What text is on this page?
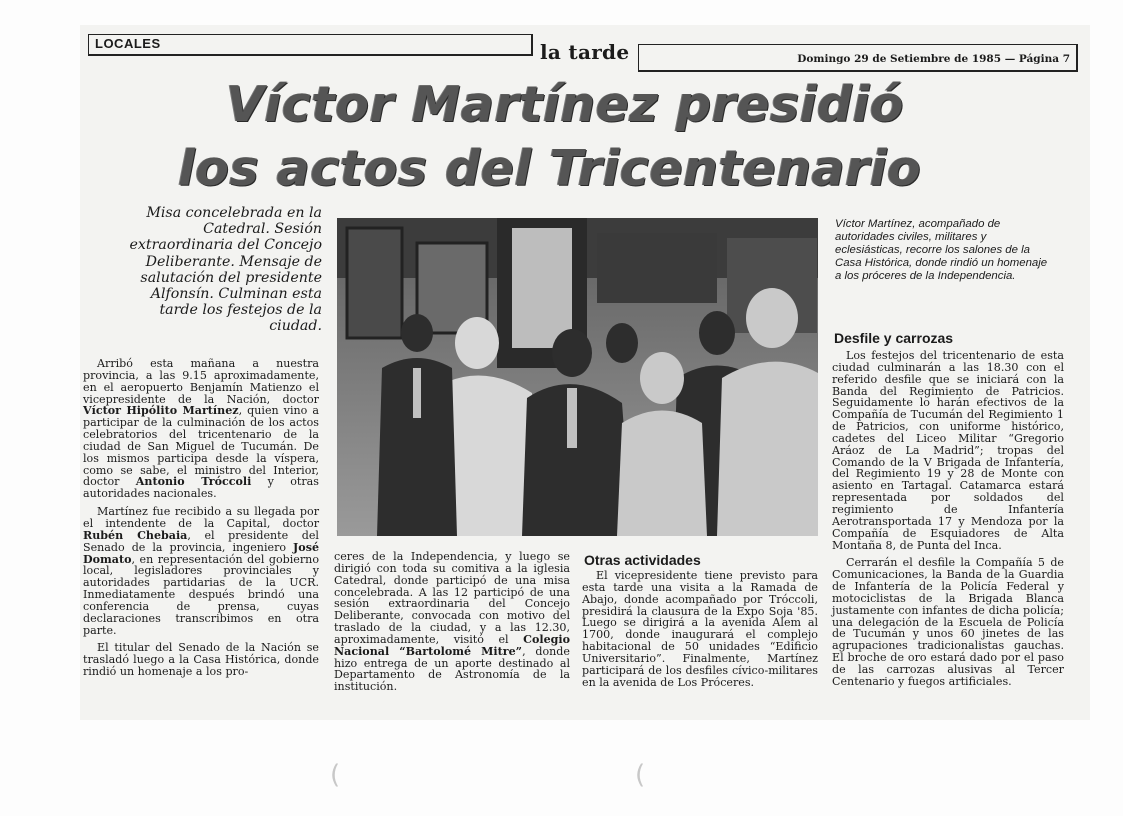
LOCALES	la tarde	Domingo 29 de Setiembre de 1985 — Página 7
Víctor Martínez presidió
los actos del Tricentenario
Misa concelebrada en la Catedral. Sesión extraordinaria del Concejo Deliberante. Mensaje de salutación del presidente Alfonsín. Culminan esta tarde los festejos de la ciudad.
Víctor Martínez, acompañado de autoridades civiles, militares y eclesiásticas, recorre los salones de la Casa Histórica, donde rindió un homenaje a los próceres de la Independencia.

Arribó esta mañana a nuestra provincia, a las 9.15 aproximadamente, en el aeropuerto Benjamín Matienzo el vicepresidente de la Nación, doctor Víctor Hipólito Martínez, quien vino a participar de la culminación de los actos celebratorios del tricentenario de la ciudad de San Miguel de Tucumán. De los mismos participa desde la víspera, como se sabe, el ministro del Interior, doctor Antonio Tróccoli y otras autoridades nacionales.

Martínez fue recibido a su llegada por el intendente de la Capital, doctor Rubén Chebaia, el presidente del Senado de la provincia, ingeniero José Domato, en representación del gobierno local, legisladores provinciales y autoridades partidarias de la UCR. Inmediatamente después brindó una conferencia de prensa, cuyas declaraciones transcribimos en otra parte.

El titular del Senado de la Nación se trasladó luego a la Casa Histórica, donde rindió un homenaje a los pro-

ceres de la Independencia, y luego se dirigió con toda su comitiva a la iglesia Catedral, donde participó de una misa concelebrada. A las 12 participó de una sesión extraordinaria del Concejo Deliberante, convocada con motivo del traslado de la ciudad, y a las 12.30, aproximadamente, visitó el Colegio Nacional “Bartolomé Mitre”, donde hizo entrega de un aporte destinado al Departamento de Astronomía de la institución.

Otras actividades

El vicepresidente tiene previsto para esta tarde una visita a la Ramada de Abajo, donde acompañado por Tróccoli, presidirá la clausura de la Expo Soja '85. Luego se dirigirá a la avenida Alem al 1700, donde inaugurará el complejo habitacional de 50 unidades “Edificio Universitario”. Finalmente, Martínez participará de los desfiles cívico-militares en la avenida de Los Próceres.

Desfile y carrozas

Los festejos del tricentenario de esta ciudad culminarán a las 18.30 con el referido desfile que se iniciará con la Banda del Regimiento de Patricios. Seguidamente lo harán efectivos de la Compañía de Tucumán del Regimiento 1 de Patricios, con uniforme histórico, cadetes del Liceo Militar “Gregorio Aráoz de La Madrid”; tropas del Comando de la V Brigada de Infantería, del Regimiento 19 y 28 de Monte con asiento en Tartagal. Catamarca estará representada por soldados del regimiento de Infantería Aerotransportada 17 y Mendoza por la Compañía de Esquiadores de Alta Montaña 8, de Punta del Inca.

Cerrarán el desfile la Compañía 5 de Comunicaciones, la Banda de la Guardia de Infantería de la Policía Federal y motociclistas de la Brigada Blanca justamente con infantes de dicha policía; una delegación de la Escuela de Policía de Tucumán y unos 60 jinetes de las agrupaciones tradicionalistas gauchas. El broche de oro estará dado por el paso de las carrozas alusivas al Tercer Centenario y fuegos artificiales.

(	(
